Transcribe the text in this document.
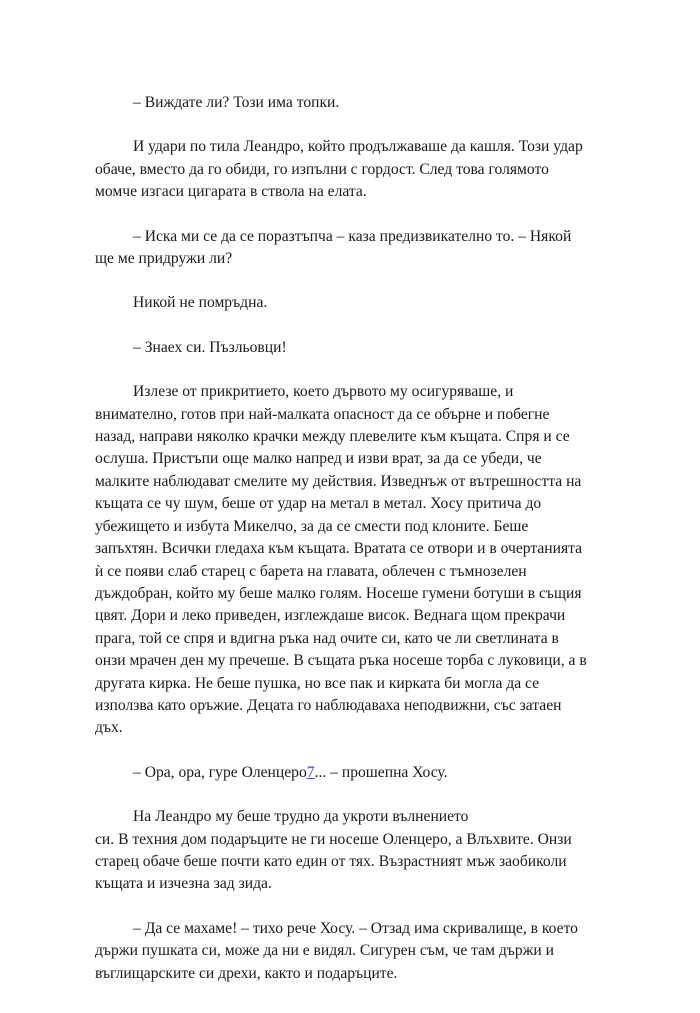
– Виждате ли? Този има топки.

И удари по тила Леандро, който продължаваше да кашля. Този удар
обаче, вместо да го обиди, го изпълни с гордост. След това голямото
момче изгаси цигарата в ствола на елата.

– Иска ми се да се поразтъпча – каза предизвикателно то. – Някой
ще ме придружи ли?

Никой не помръдна.

– Знаех си. Пъзльовци!

Излезе от прикритието, което дървото му осигуряваше, и
внимателно, готов при най-малката опасност да се обърне и побегне
назад, направи няколко крачки между плевелите към къщата. Спря и се
ослуша. Пристъпи още малко напред и изви врат, за да се убеди, че
малките наблюдават смелите му действия. Изведнъж от вътрешността на
къщата се чу шум, беше от удар на метал в метал. Хосу притича до
убежището и избута Микелчо, за да се смести под клоните. Беше
запъхтян. Всички гледаха към къщата. Вратата се отвори и в очертанията
ѝ се появи слаб старец с барета на главата, облечен с тъмнозелен
дъждобран, който му беше малко голям. Носеше гумени ботуши в същия
цвят. Дори и леко приведен, изглеждаше висок. Веднага щом прекрачи
прага, той се спря и вдигна ръка над очите си, като че ли светлината в
онзи мрачен ден му пречеше. В същата ръка носеше торба с луковици, а в
другата кирка. Не беше пушка, но все пак и кирката би могла да се
използва като оръжие. Децата го наблюдаваха неподвижни, със затаен
дъх.

– Ора, ора, гуре Оленцеро7... – прошепна Хосу.

На Леандро му беше трудно да укроти вълнението
си. В техния дом подаръците не ги носеше Оленцеро, а Влъхвите. Онзи
старец обаче беше почти като един от тях. Възрастният мъж заобиколи
къщата и изчезна зад зида.

– Да се махаме! – тихо рече Хосу. – Отзад има скривалище, в което
държи пушката си, може да ни е видял. Сигурен съм, че там държи и
въглищарските си дрехи, както и подаръците.
